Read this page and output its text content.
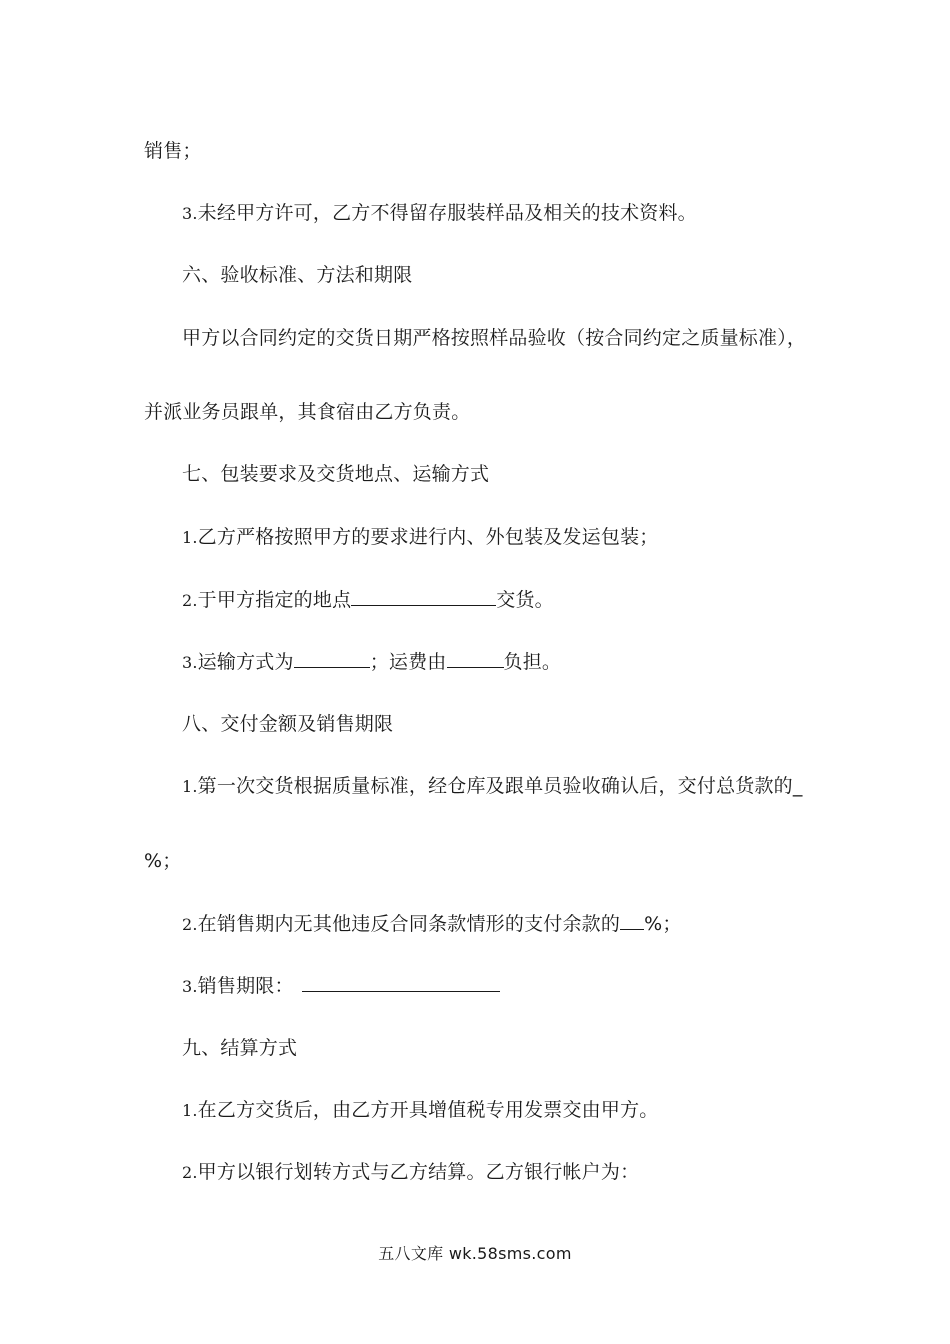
销售；
3.未经甲方许可，乙方不得留存服装样品及相关的技术资料。
六、验收标准、方法和期限
甲方以合同约定的交货日期严格按照样品验收（按合同约定之质量标准），
并派业务员跟单，其食宿由乙方负责。
七、包装要求及交货地点、运输方式
1.乙方严格按照甲方的要求进行内、外包装及发运包装；
2.于甲方指定的地点	交货。
3.运输方式为	；运费由	负担。
八、交付金额及销售期限
1.第一次交货根据质量标准，经仓库及跟单员验收确认后，交付总货款的_
%；
2.在销售期内无其他违反合同条款情形的支付余款的 %；
3.销售期限：
九、结算方式
1.在乙方交货后，由乙方开具增值税专用发票交由甲方。
2.甲方以银行划转方式与乙方结算。乙方银行帐户为：
五八文库 wk.58sms.com
